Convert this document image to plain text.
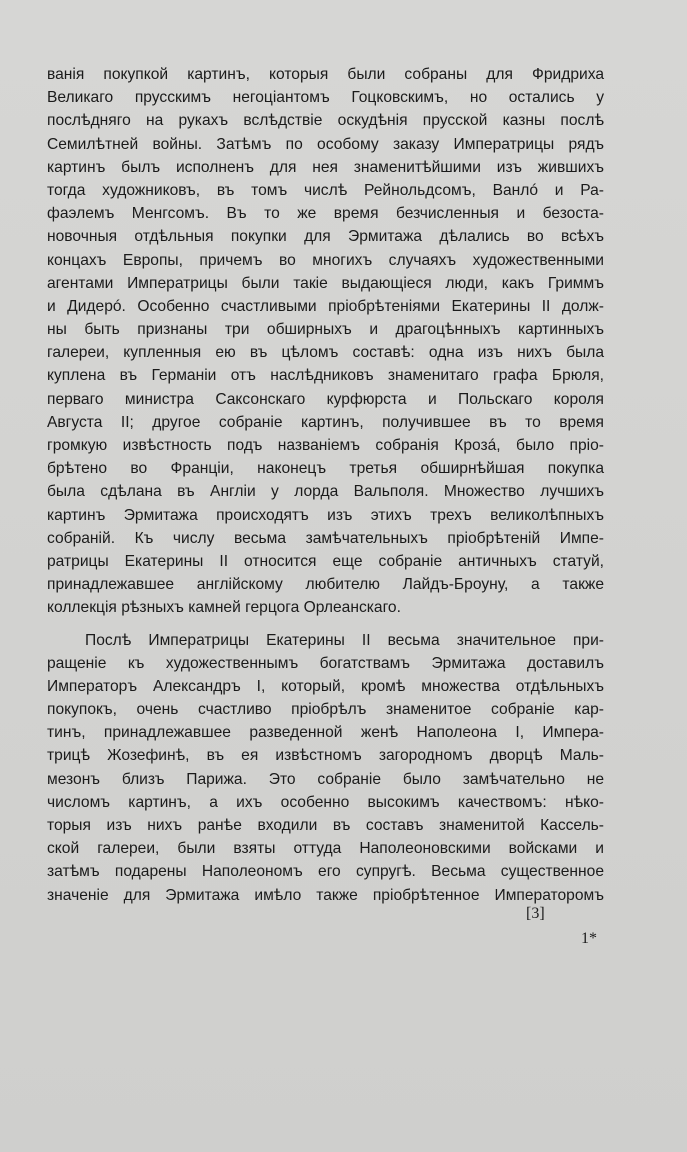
ванія покупкой картинъ, которыя были собраны для Фридриха
Великаго прусскимъ негоціантомъ Гоцковскимъ, но остались у
послѣдняго на рукахъ вслѣдствіе оскудѣнія прусской казны послѣ
Семилѣтней войны. Затѣмъ по особому заказу Императрицы рядъ
картинъ былъ исполненъ для нея знаменитѣйшими изъ жившихъ
тогда художниковъ, въ томъ числѣ Рейнольдсомъ, Ванлó и Ра-
фаэлемъ Менгсомъ. Въ то же время безчисленныя и безоста-
новочныя отдѣльныя покупки для Эрмитажа дѣлались во всѣхъ
концахъ Европы, причемъ во многихъ случаяхъ художественными
агентами Императрицы были такіе выдающіеся люди, какъ Гриммъ
и Дидерó. Особенно счастливыми пріобрѣтеніями Екатерины II долж-
ны быть признаны три обширныхъ и драгоцѣнныхъ картинныхъ
галереи, купленныя ею въ цѣломъ составѣ: одна изъ нихъ была
куплена въ Германіи отъ наслѣдниковъ знаменитаго графа Брюля,
перваго министра Саксонскаго курфюрста и Польскаго короля
Августа II; другое собраніе картинъ, получившее въ то время
громкую извѣстность подъ названіемъ собранія Крозá, было пріо-
брѣтено во Франціи, наконецъ третья обширнѣйшая покупка
была сдѣлана въ Англіи у лорда Вальполя. Множество лучшихъ
картинъ Эрмитажа происходятъ изъ этихъ трехъ великолѣпныхъ
собраній. Къ числу весьма замѣчательныхъ пріобрѣтеній Импе-
ратрицы Екатерины II относится еще собраніе античныхъ статуй,
принадлежавшее англійскому любителю Лайдъ-Броуну, а также
коллекція рѣзныхъ камней герцога Орлеанскаго.
Послѣ Императрицы Екатерины II весьма значительное при-
ращеніе къ художественнымъ богатствамъ Эрмитажа доставилъ
Императоръ Александръ I, который, кромѣ множества отдѣльныхъ
покупокъ, очень счастливо пріобрѣлъ знаменитое собраніе кар-
тинъ, принадлежавшее разведенной женѣ Наполеона I, Импера-
трицѣ Жозефинѣ, въ ея извѣстномъ загородномъ дворцѣ Маль-
мезонъ близъ Парижа. Это собраніе было замѣчательно не
числомъ картинъ, а ихъ особенно высокимъ качествомъ: нѣко-
торыя изъ нихъ ранѣе входили въ составъ знаменитой Кассель-
ской галереи, были взяты оттуда Наполеоновскими войсками и
затѣмъ подарены Наполеономъ его супругѣ. Весьма существенное
значеніе для Эрмитажа имѣло также пріобрѣтенное Императоромъ
[3]
1*
